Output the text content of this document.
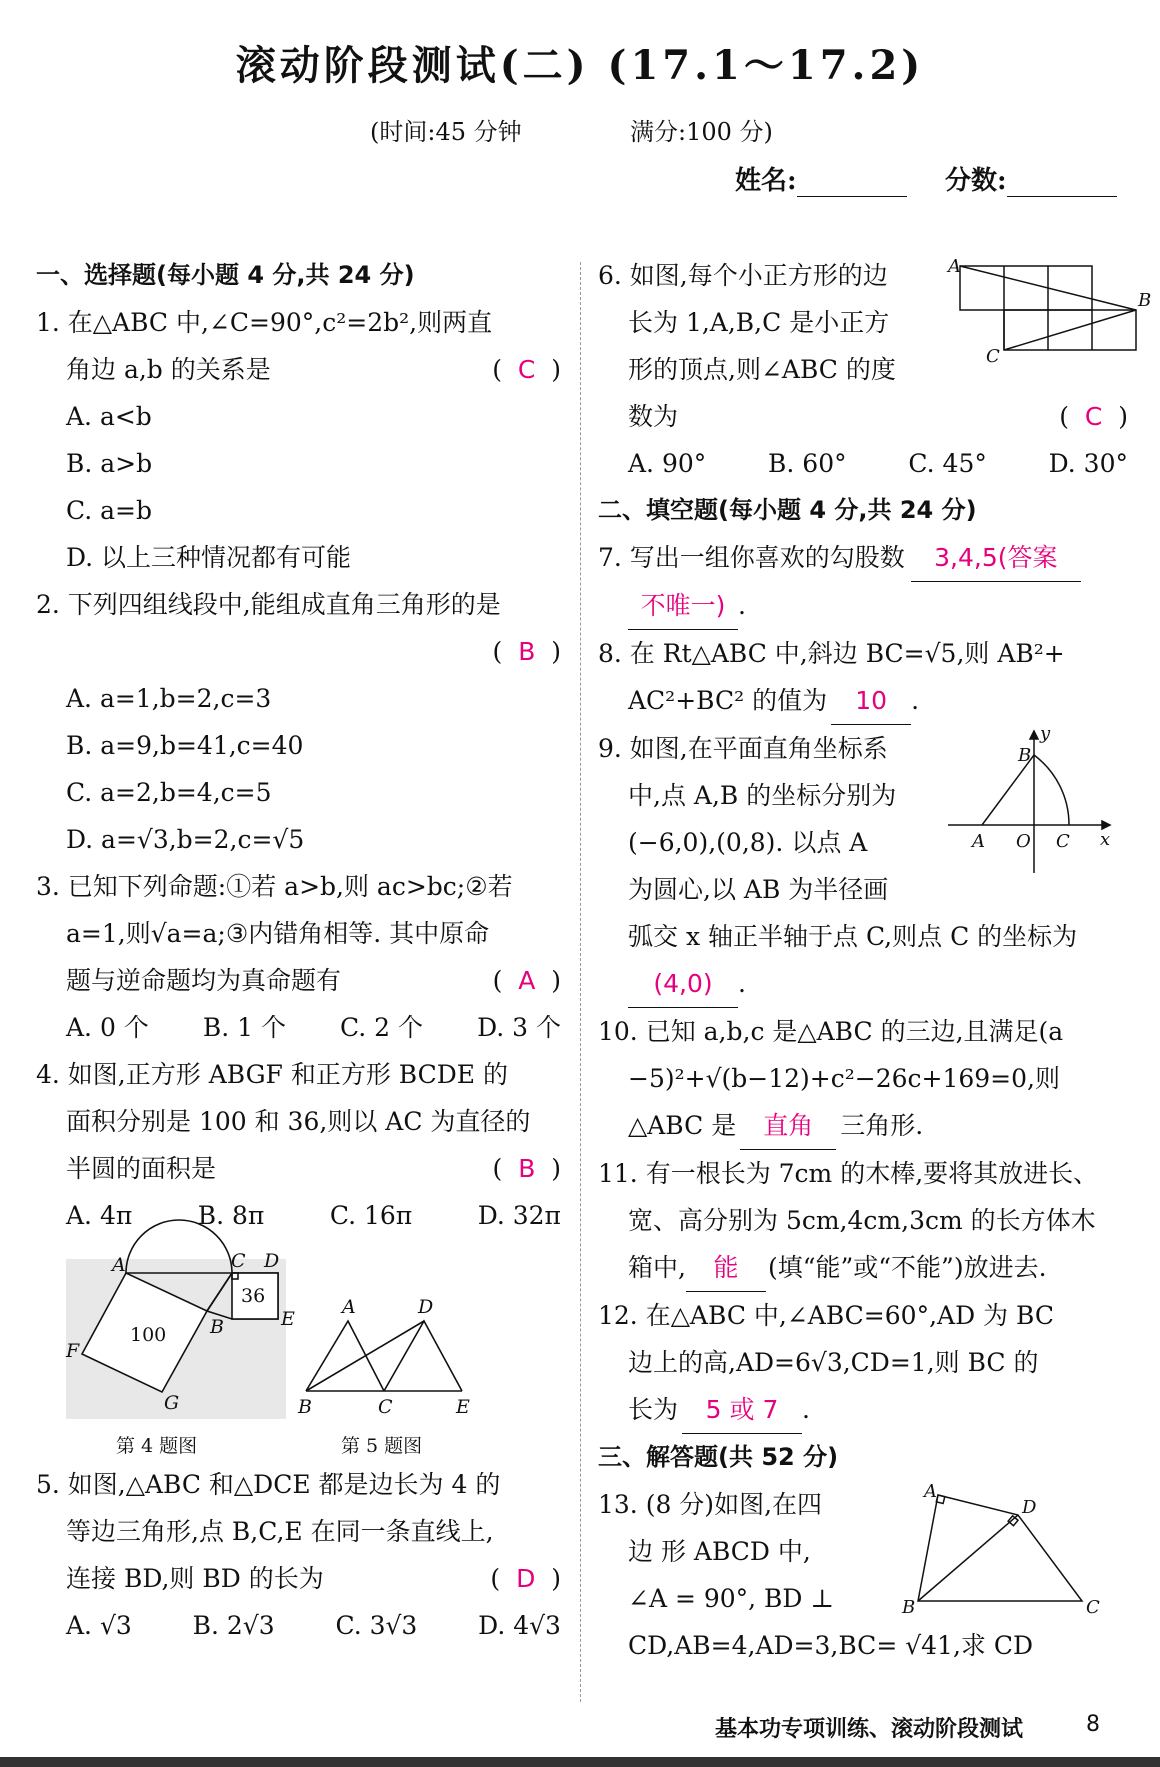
滚动阶段测试(二) (17.1～17.2)
(时间:45 分钟	满分:100 分)
姓名:	分数:

一、选择题(每小题 4 分,共 24 分)

1. 在△ABC 中,∠C=90°,c²=2b²,则两直

角边 a,b 的关系是	(  C  )

A. a<b

B. a>b

C. a=b

D. 以上三种情况都有可能

2. 下列四组线段中,能组成直角三角形的是

(  B  )

A. a=1,b=2,c=3

B. a=9,b=41,c=40

C. a=2,b=4,c=5

D. a=√3,b=2,c=√5

3. 已知下列命题:①若 a>b,则 ac>bc;②若

a=1,则√a=a;③内错角相等. 其中原命

题与逆命题均为真命题有	(  A  )

A. 0 个 B. 1 个 C. 2 个 D. 3 个

4. 如图,正方形 ABGF 和正方形 BCDE 的

面积分别是 100 和 36,则以 AC 为直径的

半圆的面积是	(  B  )

A. 4π	B. 8π	C. 16π	D. 32π
A	C D
B	E
F
G
100
36	A	D
B	C	E
第 4 题图	第 5 题图

5. 如图,△ABC 和△DCE 都是边长为 4 的

等边三角形,点 B,C,E 在同一条直线上,

连接 BD,则 BD 的长为	(  D  )

A. √3 B. 2√3 C. 3√3 D. 4√3
A
B
C

6. 如图,每个小正方形的边

长为 1,A,B,C 是小正方

形的顶点,则∠ABC 的度

数为	(  C  )

A. 90° B. 60° C. 45° D. 30°

二、填空题(每小题 4 分,共 24 分)

7. 写出一组你喜欢的勾股数 3,4,5(答案

不唯一) .

8. 在 Rt△ABC 中,斜边 BC=√5,则 AB²+

AC²+BC² 的值为 10 .

y
x
B
A O C

9. 如图,在平面直角坐标系

中,点 A,B 的坐标分别为

(−6,0),(0,8). 以点 A

为圆心,以 AB 为半径画

弧交 x 轴正半轴于点 C,则点 C 的坐标为

(4,0) .

10. 已知 a,b,c 是△ABC 的三边,且满足(a

−5)²+√(b−12)+c²−26c+169=0,则

△ABC 是 直角 三角形.

11. 有一根长为 7cm 的木棒,要将其放进长、

宽、高分别为 5cm,4cm,3cm 的长方体木

箱中, 能 (填“能”或“不能”)放进去.

12. 在△ABC 中,∠ABC=60°,AD 为 BC

边上的高,AD=6√3,CD=1,则 BC 的

长为 5 或 7 .

三、解答题(共 52 分)

A
D
B	C

13. (8 分)如图,在四

边 形 ABCD 中,

∠A = 90°, BD ⊥

CD,AB=4,AD=3,BC= √41,求 CD

基本功专项训练、滚动阶段测试	8
